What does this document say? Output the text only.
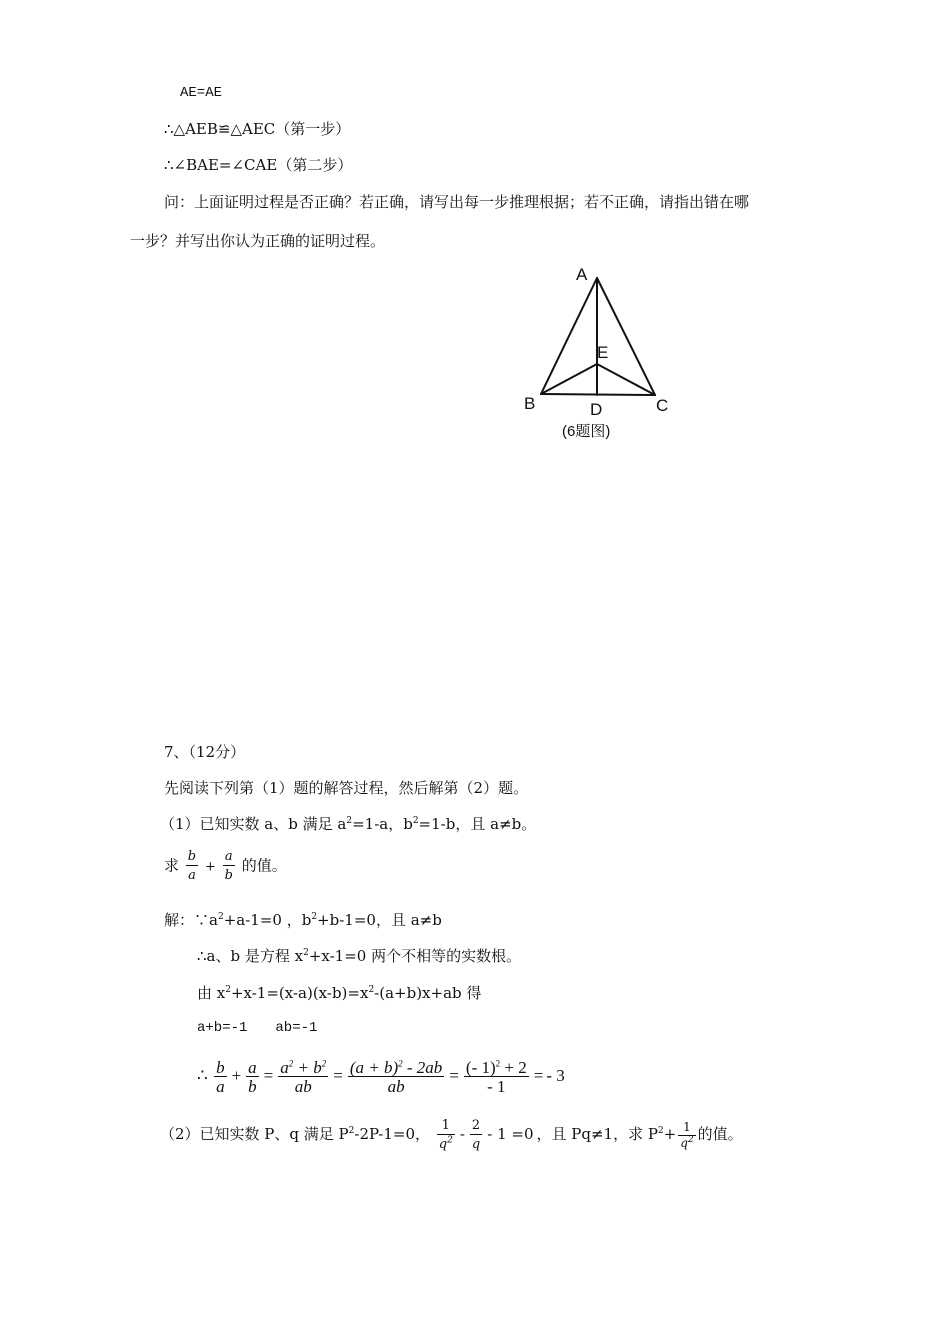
AE=AE
∴△AEB≌△AEC（第一步）
∴∠BAE=∠CAE（第二步）
问：上面证明过程是否正确？若正确，请写出每一步推理根据；若不正确，请指出错在哪
一步？并写出你认为正确的证明过程。
A
B	C
D
E
(6题图)
7、（12分）
先阅读下列第（1）题的解答过程，然后解第（2）题。
（1）已知实数 a、b 满足 $a^2=1-a$，$b^2=1-b$，且 a≠b。
求 $\frac{b}{a} + \frac{a}{b}$ 的值。
解：$\because a^2+a-1=0$ ，$b^2+b-1=0$，且 a≠b
∴a、b 是方程 $x^2+x-1=0$ 两个不相等的实数根。
由 $x^2+x-1=(x-a)(x-b)=x^2-(a+b)x+ab$ 得
a+b=-1　　ab=-1
∴ $\frac{b}{a} + \frac{a}{b} = \frac{a^2 + b^2}{ab} = \frac{(a + b)^2 - 2ab}{ab} = \frac{(- 1)^2 + 2}{- 1}$ = - 3
（2）已知实数 P、q 满足 $P^2-2P-1=0$， $\frac{1}{q^2} - \frac{2}{q} - 1 =0$ ，且 Pq≠1，求 $P^2+ \frac{1}{q^2}$ 的值。
